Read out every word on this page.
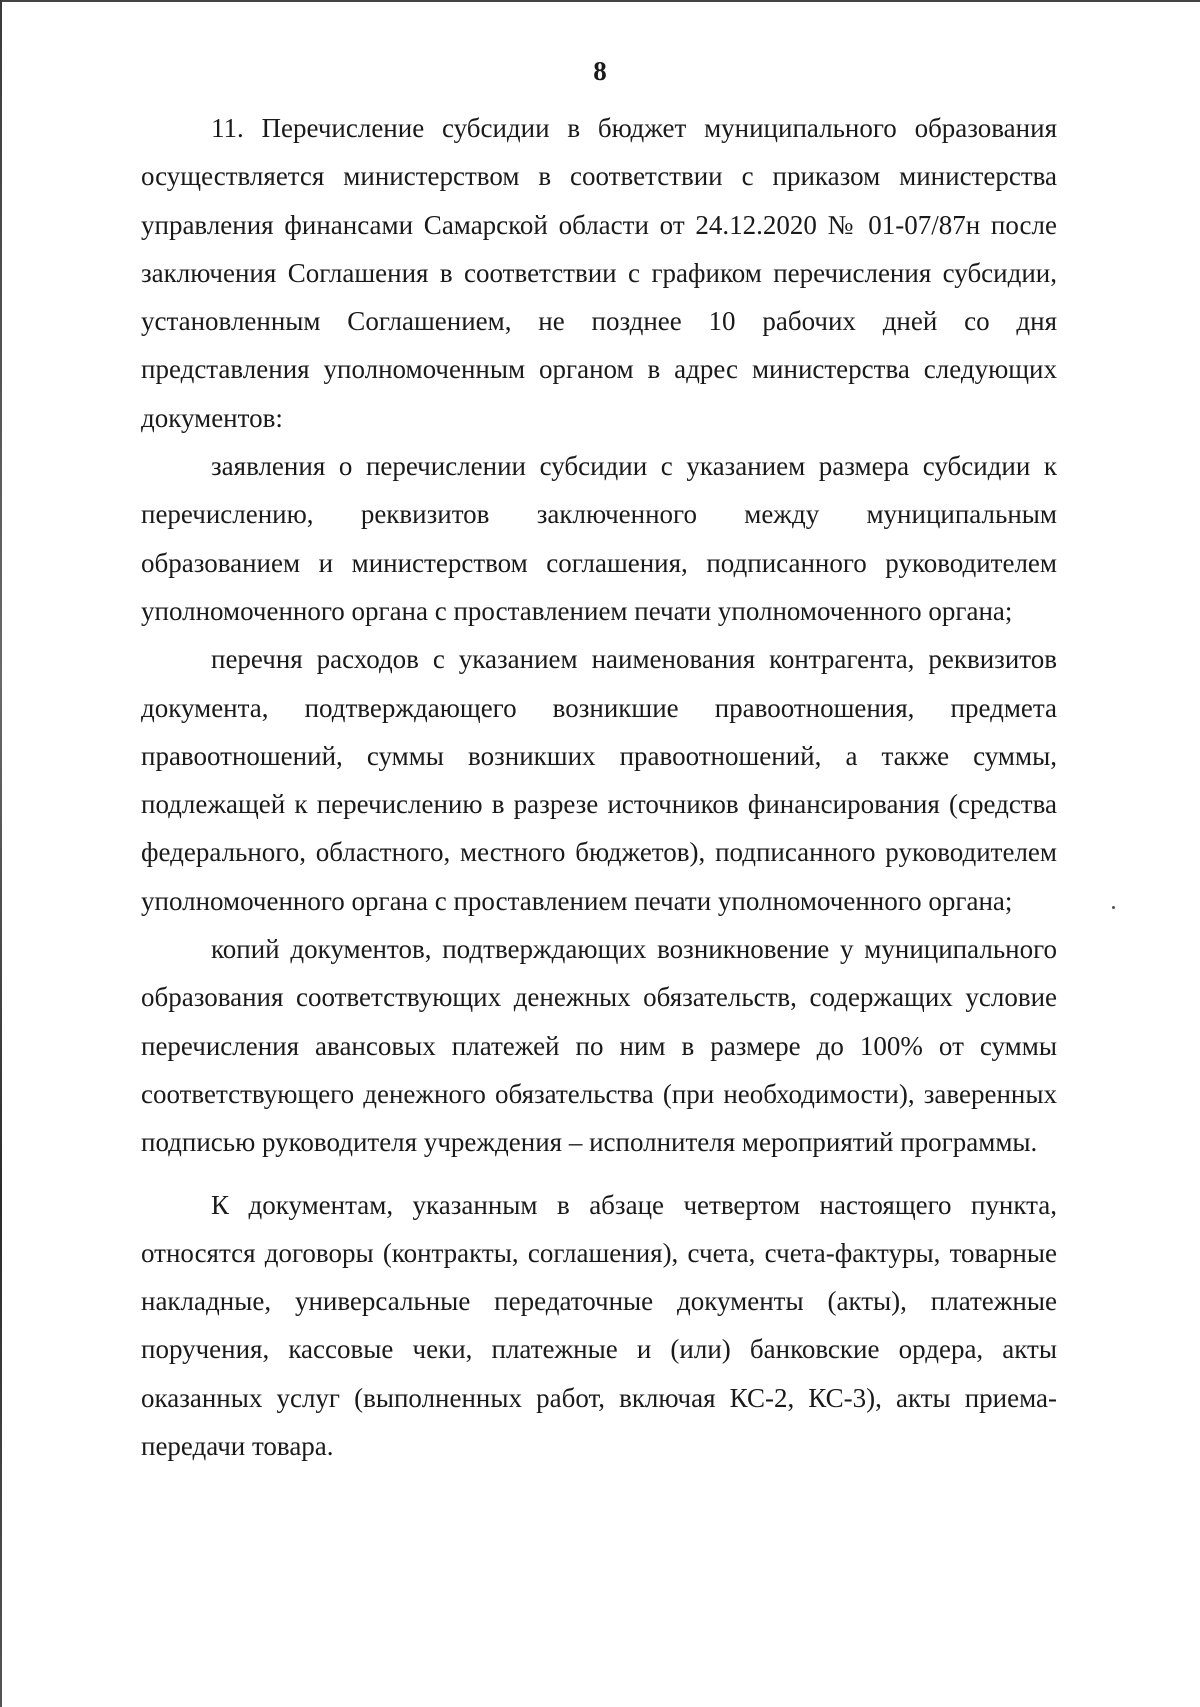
8

11. Перечисление субсидии в бюджет муниципального образования осуществляется министерством в соответствии с приказом министерства управления финансами Самарской области от 24.12.2020 № 01-07/87н после заключения Соглашения в соответствии с графиком перечисления субсидии, установленным Соглашением, не позднее 10 рабочих дней со дня представления уполномоченным органом в адрес министерства следующих документов:

заявления о перечислении субсидии с указанием размера субсидии к перечислению, реквизитов заключенного между муниципальным образованием и министерством соглашения, подписанного руководителем уполномоченного органа с проставлением печати уполномоченного органа;

перечня расходов с указанием наименования контрагента, реквизитов документа, подтверждающего возникшие правоотношения, предмета правоотношений, суммы возникших правоотношений, а также суммы, подлежащей к перечислению в разрезе источников финансирования (средства федерального, областного, местного бюджетов), подписанного руководителем уполномоченного органа с проставлением печати уполномоченного органа;

копий документов, подтверждающих возникновение у муниципального образования соответствующих денежных обязательств, содержащих условие перечисления авансовых платежей по ним в размере до 100% от суммы соответствующего денежного обязательства (при необходимости), заверенных подписью руководителя учреждения – исполнителя мероприятий программы.

К документам, указанным в абзаце четвертом настоящего пункта, относятся договоры (контракты, соглашения), счета, счета-фактуры, товарные накладные, универсальные передаточные документы (акты), платежные поручения, кассовые чеки, платежные и (или) банковские ордера, акты оказанных услуг (выполненных работ, включая КС-2, КС-3), акты приема-передачи товара.
